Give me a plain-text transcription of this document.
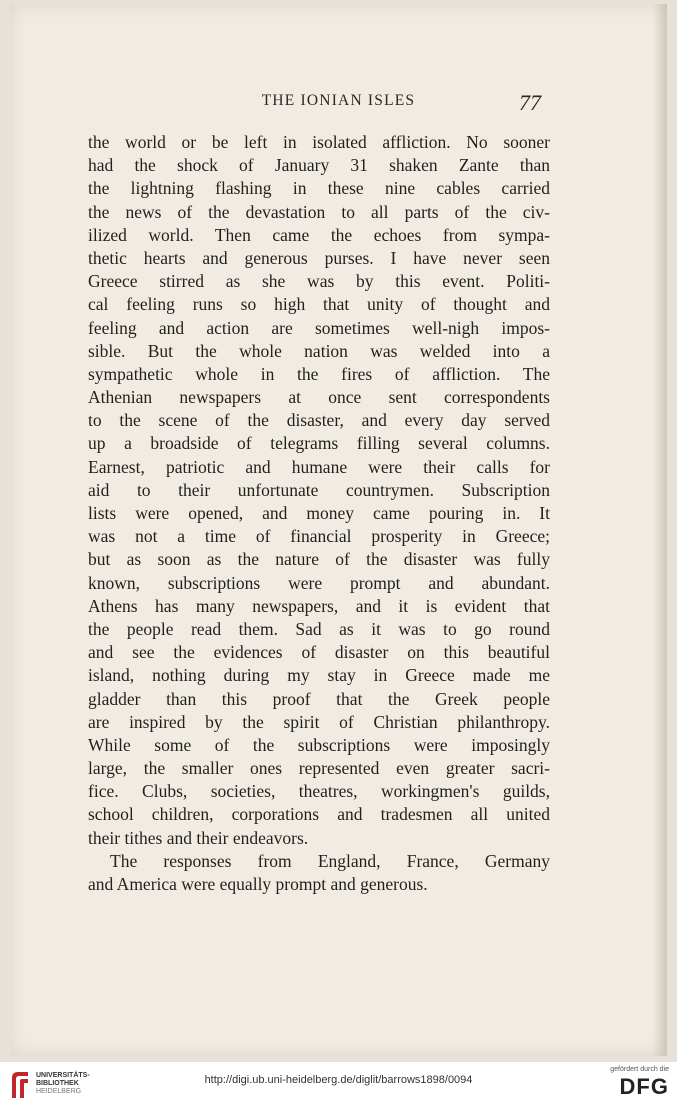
THE IONIAN ISLES	77
the world or be left in isolated affliction. No sooner
had the shock of January 31 shaken Zante than
the lightning flashing in these nine cables carried
the news of the devastation to all parts of the civ-
ilized world. Then came the echoes from sympa-
thetic hearts and generous purses. I have never seen
Greece stirred as she was by this event. Politi-
cal feeling runs so high that unity of thought and
feeling and action are sometimes well-nigh impos-
sible. But the whole nation was welded into a
sympathetic whole in the fires of affliction. The
Athenian newspapers at once sent correspondents
to the scene of the disaster, and every day served
up a broadside of telegrams filling several columns.
Earnest, patriotic and humane were their calls for
aid to their unfortunate countrymen. Subscription
lists were opened, and money came pouring in. It
was not a time of financial prosperity in Greece;
but as soon as the nature of the disaster was fully
known, subscriptions were prompt and abundant.
Athens has many newspapers, and it is evident that
the people read them. Sad as it was to go round
and see the evidences of disaster on this beautiful
island, nothing during my stay in Greece made me
gladder than this proof that the Greek people
are inspired by the spirit of Christian philanthropy.
While some of the subscriptions were imposingly
large, the smaller ones represented even greater sacri-
fice. Clubs, societies, theatres, workingmen's guilds,
school children, corporations and tradesmen all united
their tithes and their endeavors.
The responses from England, France, Germany
and America were equally prompt and generous.
UNIVERSITÄTS-
BIBLIOTHEK
HEIDELBERG
http://digi.ub.uni-heidelberg.de/diglit/barrows1898/0094
gefördert durch die
DFG
